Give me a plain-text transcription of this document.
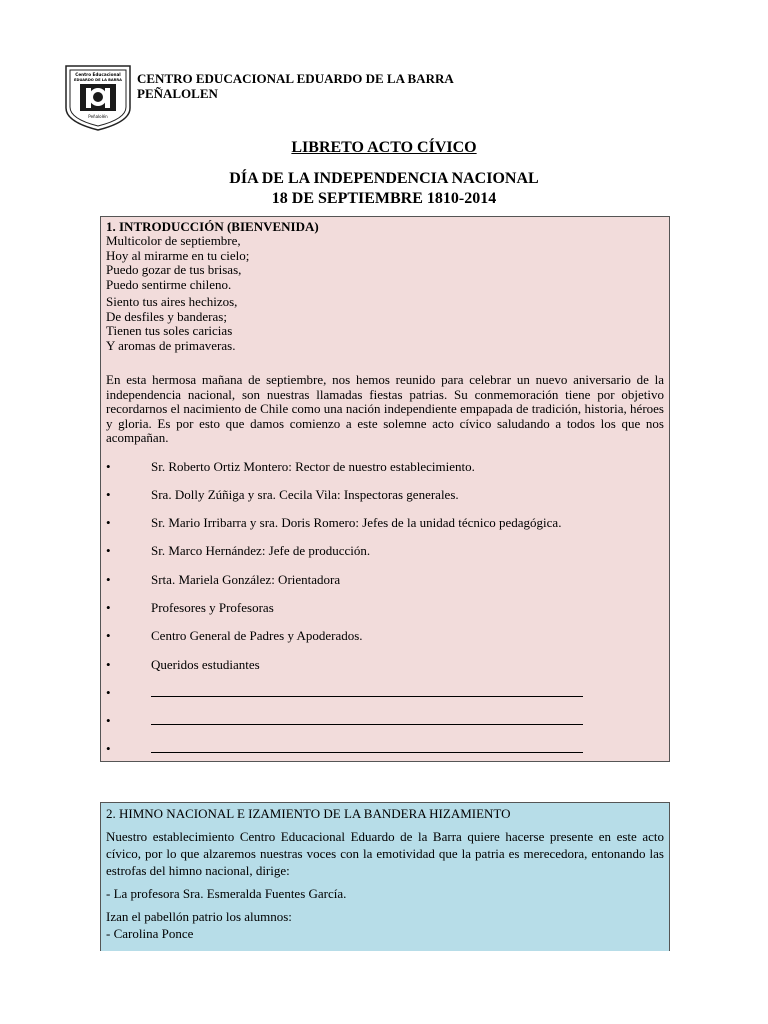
Centro Educacional
EDUARDO DE LA BARRA
Peñalolén
CENTRO EDUCACIONAL EDUARDO DE LA BARRA
PEÑALOLEN
LIBRETO ACTO CÍVICO
DÍA DE LA INDEPENDENCIA NACIONAL
18 DE SEPTIEMBRE 1810-2014
1. INTRODUCCIÓN (BIENVENIDA)
Multicolor de septiembre,
Hoy al mirarme en tu cielo;
Puedo gozar de tus brisas,
Puedo sentirme chileno.
Siento tus aires hechizos,
De desfiles y banderas;
Tienen tus soles caricias
Y aromas de primaveras.

En esta hermosa mañana de septiembre, nos hemos reunido para celebrar un nuevo aniversario de la independencia nacional, son nuestras llamadas fiestas patrias. Su conmemoración tiene por objetivo recordarnos el nacimiento de Chile como una nación independiente empapada de tradición, historia, héroes y gloria. Es por esto que damos comienzo a este solemne acto cívico saludando a todos los que nos acompañan.

•	Sr. Roberto Ortiz Montero: Rector de nuestro establecimiento.
•	Sra. Dolly Zúñiga y sra. Cecila Vila: Inspectoras generales.
•	Sr. Mario Irribarra y sra. Doris Romero: Jefes de la unidad técnico pedagógica.
•	Sr. Marco Hernández: Jefe de producción.
•	Srta. Mariela González: Orientadora
•	Profesores y Profesoras
•	Centro General de Padres y Apoderados.
•	Queridos estudiantes
•
•
•
2. HIMNO NACIONAL E IZAMIENTO DE LA BANDERA HIZAMIENTO

Nuestro establecimiento Centro Educacional Eduardo de la Barra quiere hacerse presente en este acto cívico, por lo que alzaremos nuestras voces con la emotividad que la patria es merecedora, entonando las estrofas del himno nacional, dirige:

- La profesora Sra. Esmeralda Fuentes García.

Izan el pabellón patrio los alumnos:

- Carolina Ponce
